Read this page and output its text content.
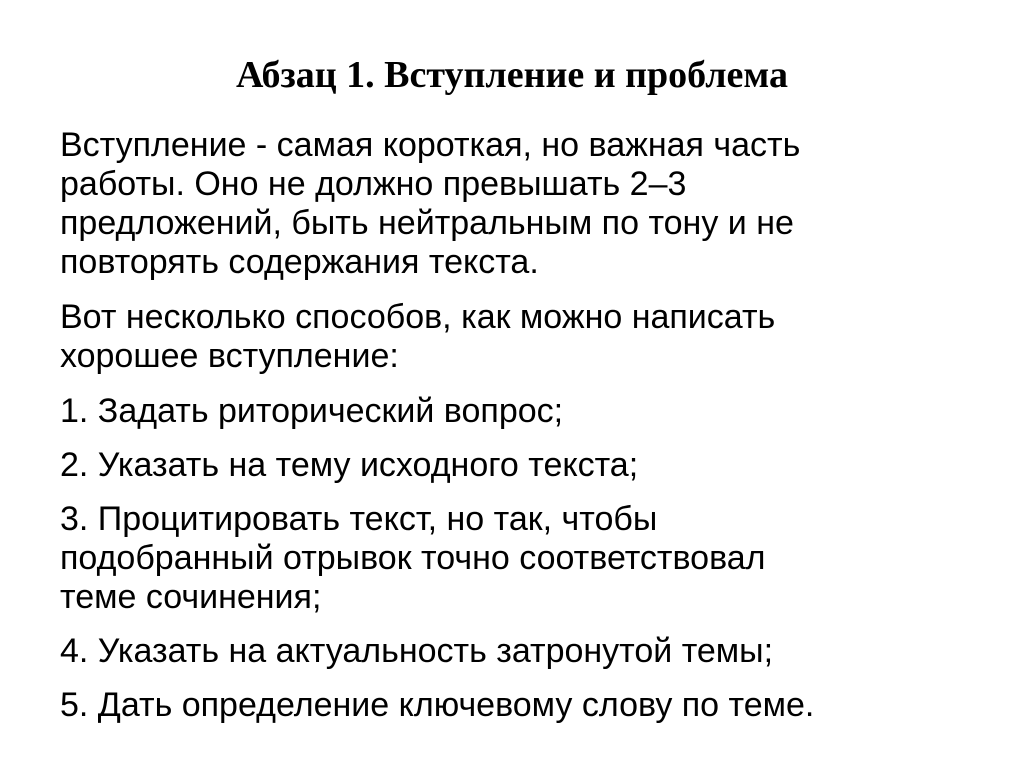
Абзац 1. Вступление и проблема

Вступление - самая короткая, но важная часть
работы. Оно не должно превышать 2–3
предложений, быть нейтральным по тону и не
повторять содержания текста.

Вот несколько способов, как можно написать
хорошее вступление:

1. Задать риторический вопрос;

2. Указать на тему исходного текста;

3. Процитировать текст, но так, чтобы
подобранный отрывок точно соответствовал
теме сочинения;

4. Указать на актуальность затронутой темы;

5. Дать определение ключевому слову по теме.
